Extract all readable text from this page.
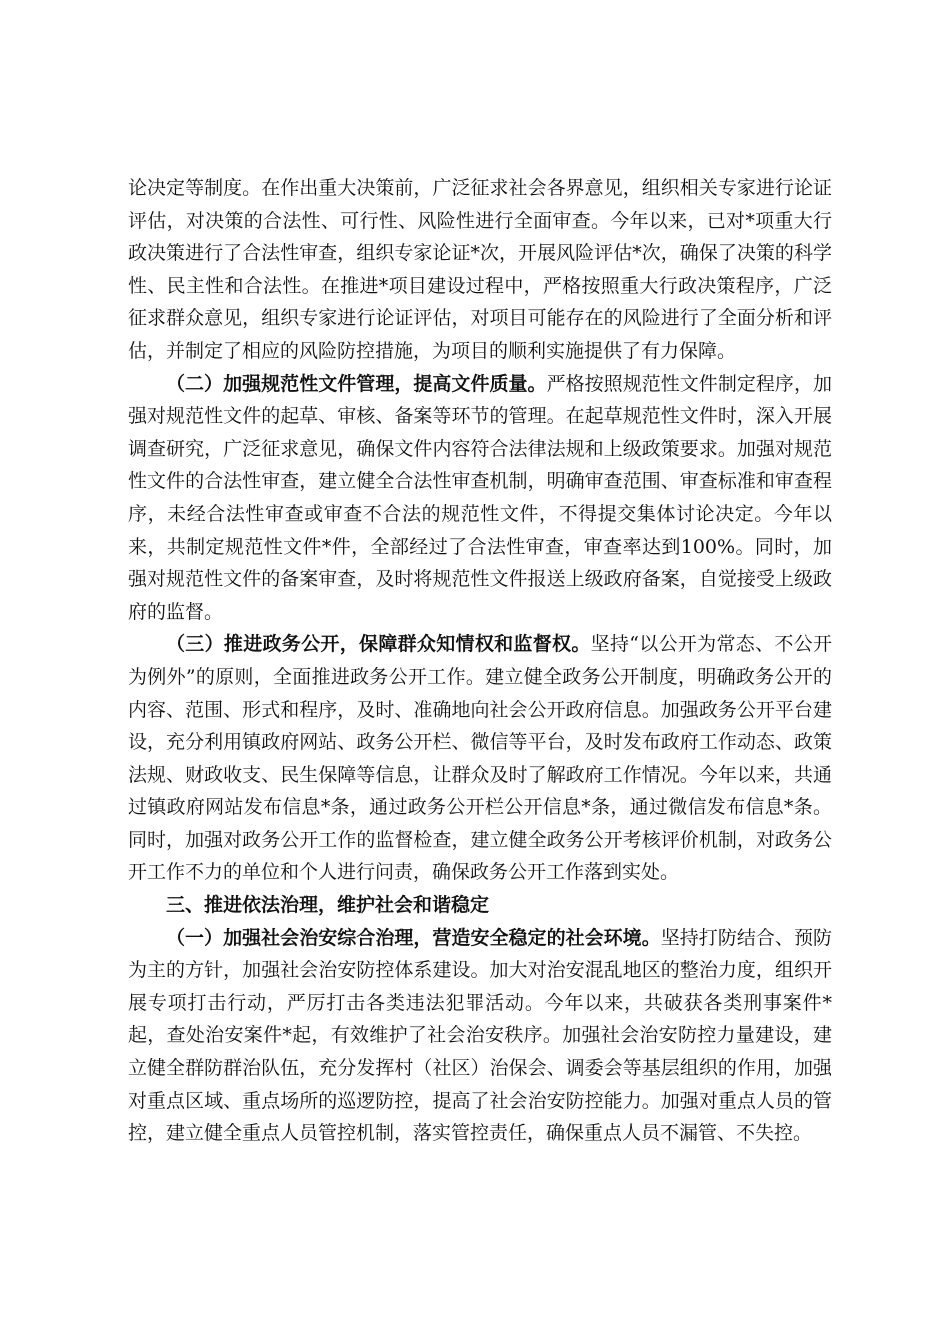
论决定等制度。在作出重大决策前，广泛征求社会各界意见，组织相关专家进行论证评估，对决策的合法性、可行性、风险性进行全面审查。今年以来，已对*项重大行政决策进行了合法性审查，组织专家论证*次，开展风险评估*次，确保了决策的科学性、民主性和合法性。在推进*项目建设过程中，严格按照重大行政决策程序，广泛征求群众意见，组织专家进行论证评估，对项目可能存在的风险进行了全面分析和评估，并制定了相应的风险防控措施，为项目的顺利实施提供了有力保障。

（二）加强规范性文件管理，提高文件质量。严格按照规范性文件制定程序，加强对规范性文件的起草、审核、备案等环节的管理。在起草规范性文件时，深入开展调查研究，广泛征求意见，确保文件内容符合法律法规和上级政策要求。加强对规范性文件的合法性审查，建立健全合法性审查机制，明确审查范围、审查标准和审查程序，未经合法性审查或审查不合法的规范性文件，不得提交集体讨论决定。今年以来，共制定规范性文件*件，全部经过了合法性审查，审查率达到100%。同时，加强对规范性文件的备案审查，及时将规范性文件报送上级政府备案，自觉接受上级政府的监督。

（三）推进政务公开，保障群众知情权和监督权。坚持“以公开为常态、不公开为例外”的原则，全面推进政务公开工作。建立健全政务公开制度，明确政务公开的内容、范围、形式和程序，及时、准确地向社会公开政府信息。加强政务公开平台建设，充分利用镇政府网站、政务公开栏、微信等平台，及时发布政府工作动态、政策法规、财政收支、民生保障等信息，让群众及时了解政府工作情况。今年以来，共通过镇政府网站发布信息*条，通过政务公开栏公开信息*条，通过微信发布信息*条。同时，加强对政务公开工作的监督检查，建立健全政务公开考核评价机制，对政务公开工作不力的单位和个人进行问责，确保政务公开工作落到实处。

三、推进依法治理，维护社会和谐稳定

（一）加强社会治安综合治理，营造安全稳定的社会环境。坚持打防结合、预防为主的方针，加强社会治安防控体系建设。加大对治安混乱地区的整治力度，组织开展专项打击行动，严厉打击各类违法犯罪活动。今年以来，共破获各类刑事案件*起，查处治安案件*起，有效维护了社会治安秩序。加强社会治安防控力量建设，建立健全群防群治队伍，充分发挥村（社区）治保会、调委会等基层组织的作用，加强对重点区域、重点场所的巡逻防控，提高了社会治安防控能力。加强对重点人员的管控，建立健全重点人员管控机制，落实管控责任，确保重点人员不漏管、不失控。
